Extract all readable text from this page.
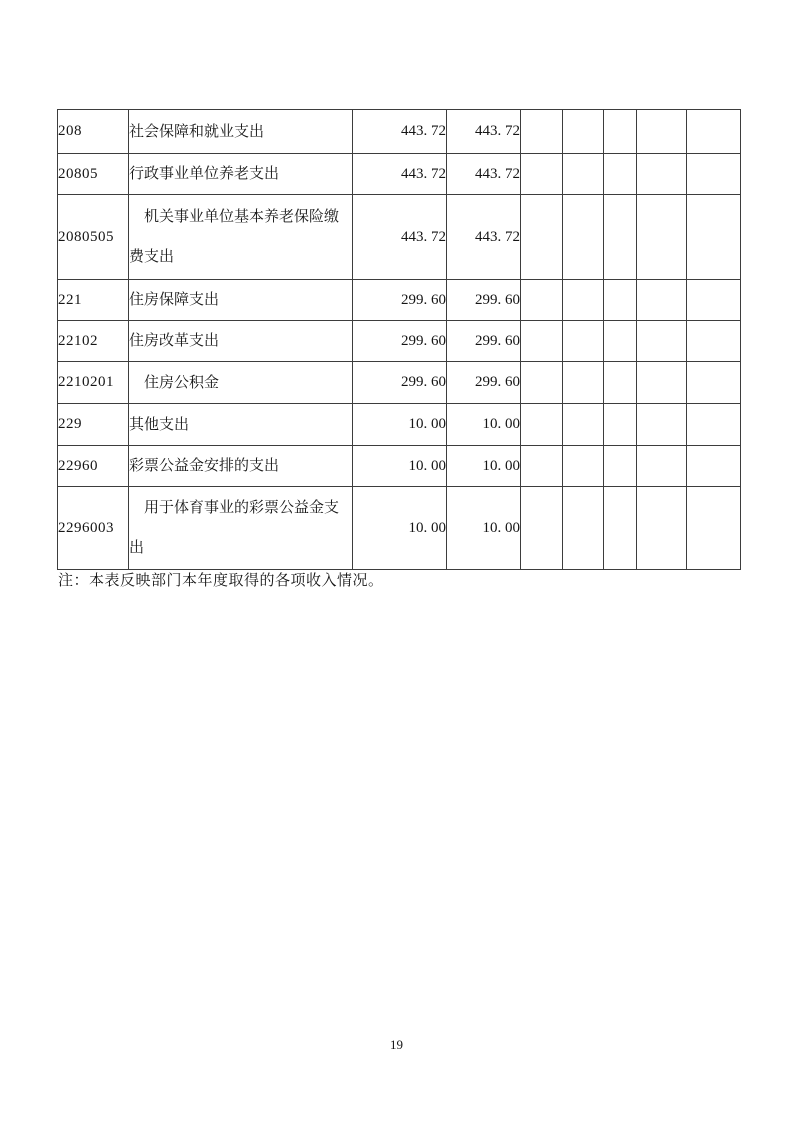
208	社会保障和就业支出	443. 72	443. 72					
20805	行政事业单位养老支出	443. 72	443. 72					
2080505	机关事业单位基本养老保险缴费支出	443. 72	443. 72					
221	住房保障支出	299. 60	299. 60					
22102	住房改革支出	299. 60	299. 60					
2210201	住房公积金	299. 60	299. 60					
229	其他支出	10. 00	10. 00					
22960	彩票公益金安排的支出	10. 00	10. 00					
2296003	用于体育事业的彩票公益金支出	10. 00	10. 00					
注：本表反映部门本年度取得的各项收入情况。
19
